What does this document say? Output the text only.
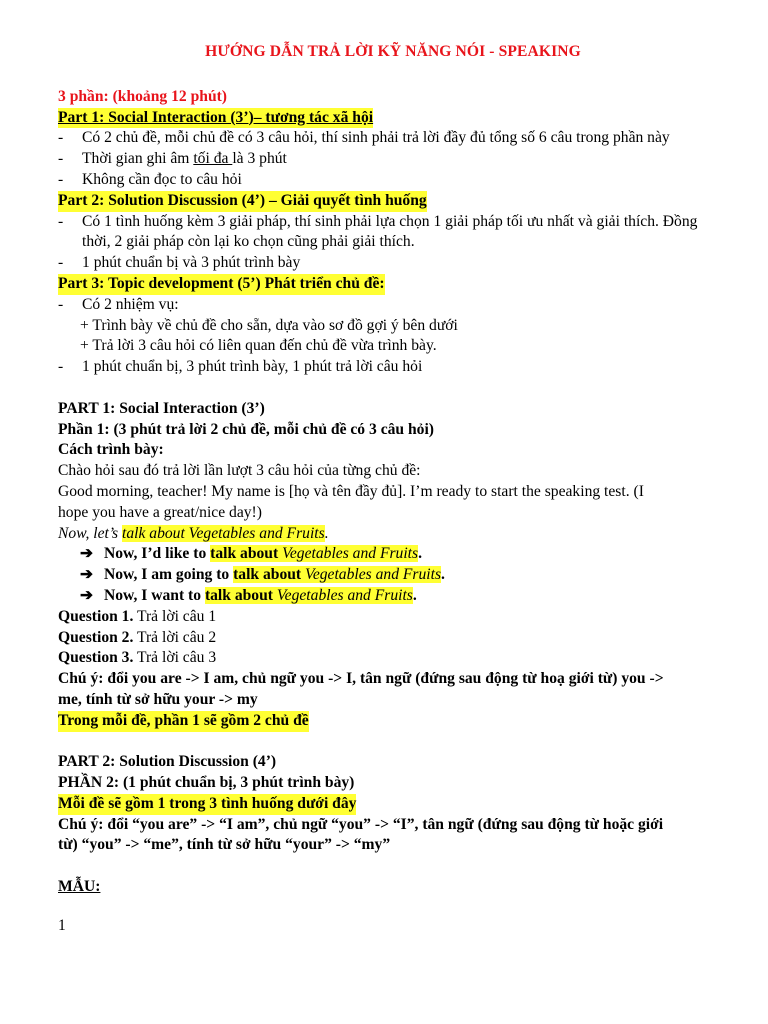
HƯỚNG DẪN TRẢ LỜI KỸ NĂNG NÓI - SPEAKING
3 phần: (khoảng 12 phút)
Part 1: Social Interaction (3’)– tương tác xã hội
-	Có 2 chủ đề, mỗi chủ đề có 3 câu hỏi, thí sinh phải trả lời đầy đủ tổng số 6 câu trong phần này
-	Thời gian ghi âm tối đa là 3 phút
-	Không cần đọc to câu hỏi
Part 2: Solution Discussion (4’) – Giải quyết tình huống
-	Có 1 tình huống kèm 3 giải pháp, thí sinh phải lựa chọn 1 giải pháp tối ưu nhất và giải thích. Đồng thời, 2 giải pháp còn lại ko chọn cũng phải giải thích.
-	1 phút chuẩn bị và 3 phút trình bày
Part 3: Topic development (5’) Phát triển chủ đề:
-	Có 2 nhiệm vụ:
+ Trình bày về chủ đề cho sẵn, dựa vào sơ đồ gợi ý bên dưới
+ Trả lời 3 câu hỏi có liên quan đến chủ đề vừa trình bày.
-	1 phút chuẩn bị, 3 phút trình bày, 1 phút trả lời câu hỏi
PART 1: Social Interaction (3’)
Phần 1: (3 phút trả lời 2 chủ đề, mỗi chủ đề có 3 câu hỏi)
Cách trình bày:
Chào hỏi sau đó trả lời lần lượt 3 câu hỏi của từng chủ đề:
Good morning, teacher! My name is [họ và tên đầy đủ]. I’m ready to start the speaking test. (I
hope you have a great/nice day!)
Now, let’s talk about Vegetables and Fruits.
➔ Now, I’d like to talk about Vegetables and Fruits.
➔ Now, I am going to talk about Vegetables and Fruits.
➔ Now, I want to talk about Vegetables and Fruits.
Question 1. Trả lời câu 1
Question 2. Trả lời câu 2
Question 3. Trả lời câu 3
Chú ý: đổi you are -> I am, chủ ngữ you -> I, tân ngữ (đứng sau động từ hoạ giới từ) you ->
me, tính từ sở hữu your -> my
Trong mỗi đề, phần 1 sẽ gồm 2 chủ đề
PART 2: Solution Discussion (4’)
PHẦN 2: (1 phút chuẩn bị, 3 phút trình bày)
Mỗi đề sẽ gồm 1 trong 3 tình huống dưới đây
Chú ý: đổi “you are” -> “I am”, chủ ngữ “you” -> “I”, tân ngữ (đứng sau động từ hoặc giới
từ) “you” -> “me”, tính từ sở hữu “your” -> “my”
MẪU:
1
